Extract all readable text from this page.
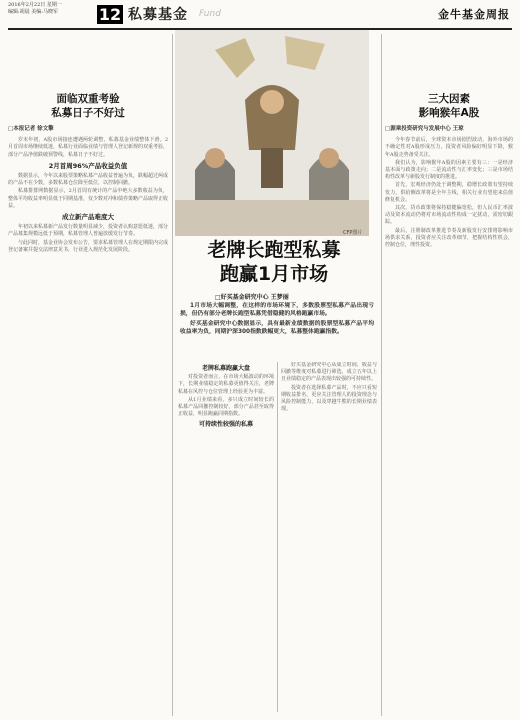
2016年2月22日 星期一
编辑:胡晨 美编:马晓军	12 私募基金 Fund	金牛基金周报
面临双重考验
私募日子不好过
□本报记者 徐文擎

岁末年初，A股市场接连遭遇两轮调整，私募基金业绩整体下滑。2月首周市场继续低迷，私募行业面临业绩与管理人登记新规的双重考验，部分产品净值跌破预警线，私募日子不好过。

2月首周96%产品收益负值

数据显示，今年以来股票策略私募产品收益普遍为负，跌幅超过两成的产品不在少数，多数私募仓位降至低位，以控制回撤。

私募排排网数据显示，2月首周有统计的产品中绝大多数收益为负，整体平均收益率明显低于同期基准，仅少数对冲和债券策略产品取得正收益。

成立新产品难度大

年初以来私募新产品发行数量明显减少，投资者认购意愿低迷，部分产品募集规模远低于预期，私募管理人普遍放缓发行节奏。

与此同时，基金业协会发布公告，要求私募管理人在规定期限内完成登记备案并提交法律意见书，行业进入规范化发展阶段。

CFP图片
老牌长跑型私募
跑赢1月市场
□好买基金研究中心 王梦丽

1月市场大幅调整，在这样的市场环境下，多数股票型私募产品出现亏损，但仍有部分老牌长跑型私募凭借稳健的风格跑赢市场。

好买基金研究中心数据显示，具有最新业绩数据的股票型私募产品平均收益率为负，同期沪深300指数跌幅更大，私募整体跑赢指数。

老牌私募跑赢大盘

对投资者而言，在市场大幅波动的环境下，长期业绩稳定的私募更值得关注，老牌私募在风控与仓位管理上经验更为丰富。

从1月业绩来看，多只成立时间较长的私募产品回撤控制较好，部分产品甚至取得正收益，明显跑赢同期指数。

可持续性较强的私募

好买基金研究中心从成立时间、收益与回撤等维度对私募进行筛选，成立五年以上且业绩稳定的产品表现出较强的可持续性。

投资者在选择私募产品时，不应只看短期收益排名，更应关注管理人的投资理念与风险控制能力，以及穿越牛熊的长期业绩表现。

三大因素
影响猴年A股
□源乘投资研究与发展中心 王琼

今年春节前后，全球资本市场剧烈波动，海外市场的不确定性对A股形成压力，投资者风险偏好明显下降，猴年A股走势备受关注。

我们认为，影响猴年A股的因素主要有三：一是经济基本面与政策走向；二是流动性与汇率变化；三是市场结构性改革与新股发行制度的推进。

首先，宏观经济仍处于调整期，稳增长政策有望持续发力，供给侧改革将是全年主线，相关行业有望迎来估值修复机会。

其次，货币政策将保持稳健偏宽松，但人民币汇率波动及资本流动仍将对市场流动性构成一定扰动，需密切跟踪。

最后，注册制改革推进节奏及新股发行安排将影响市场供求关系，投资者应关注改革细节，把握结构性机会，控制仓位，理性投资。
